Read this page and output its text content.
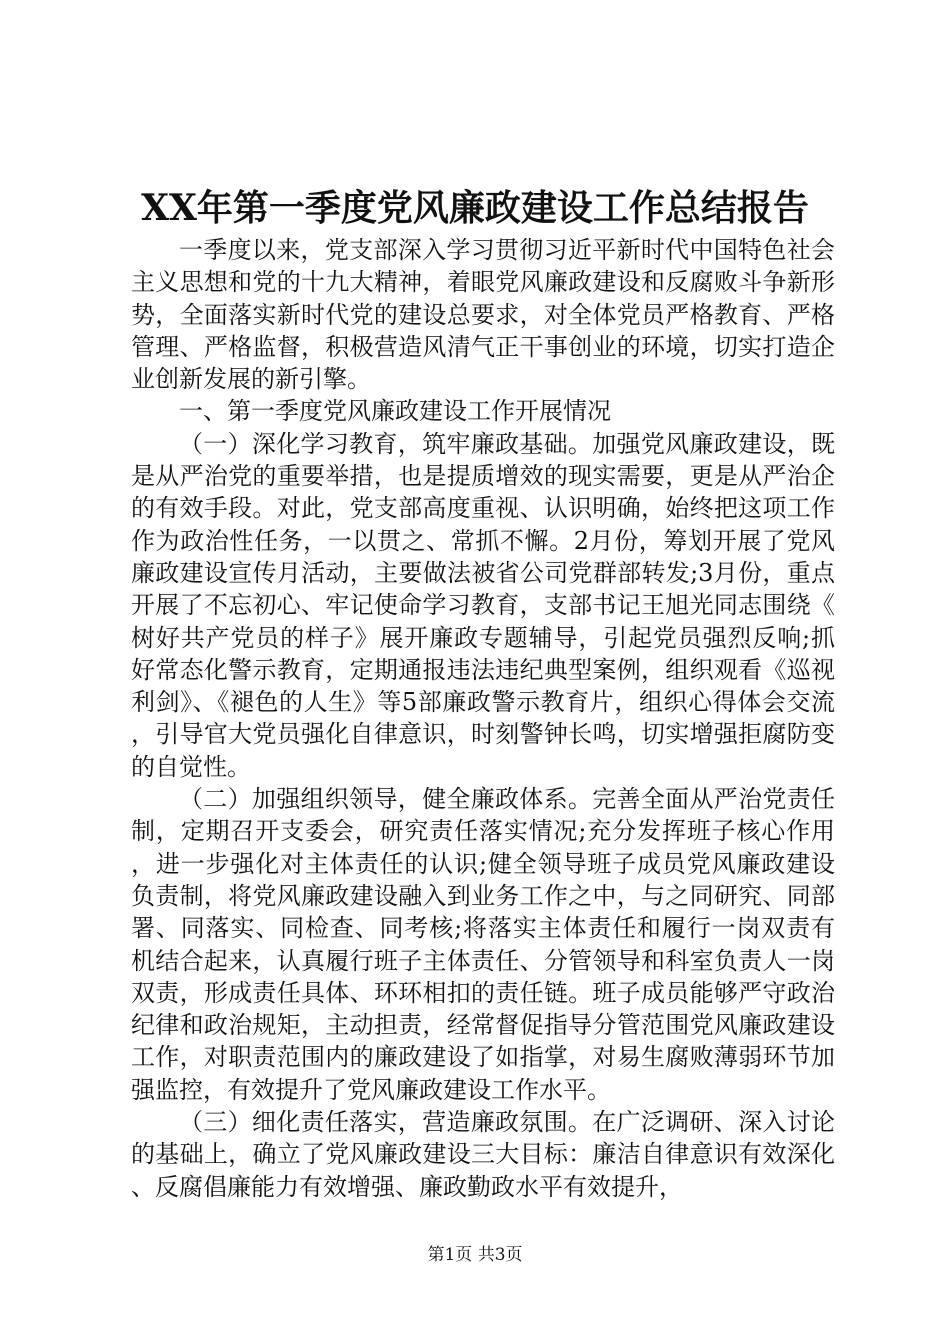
XX年第一季度党风廉政建设工作总结报告

一季度以来，党支部深入学习贯彻习近平新时代中国特色社会主义思想和党的十九大精神，着眼党风廉政建设和反腐败斗争新形势，全面落实新时代党的建设总要求，对全体党员严格教育、严格管理、严格监督，积极营造风清气正干事创业的环境，切实打造企业创新发展的新引擎。

一、第一季度党风廉政建设工作开展情况

（一）深化学习教育，筑牢廉政基础。加强党风廉政建设，既是从严治党的重要举措，也是提质增效的现实需要，更是从严治企的有效手段。对此，党支部高度重视、认识明确，始终把这项工作作为政治性任务，一以贯之、常抓不懈。2月份，筹划开展了党风廉政建设宣传月活动，主要做法被省公司党群部转发;3月份，重点开展了不忘初心、牢记使命学习教育，支部书记王旭光同志围绕《树好共产党员的样子》展开廉政专题辅导，引起党员强烈反响;抓好常态化警示教育，定期通报违法违纪典型案例，组织观看《巡视利剑》、《褪色的人生》等5部廉政警示教育片，组织心得体会交流，引导官大党员强化自律意识，时刻警钟长鸣，切实增强拒腐防变的自觉性。

（二）加强组织领导，健全廉政体系。完善全面从严治党责任制，定期召开支委会，研究责任落实情况;充分发挥班子核心作用，进一步强化对主体责任的认识;健全领导班子成员党风廉政建设负责制，将党风廉政建设融入到业务工作之中，与之同研究、同部署、同落实、同检查、同考核;将落实主体责任和履行一岗双责有机结合起来，认真履行班子主体责任、分管领导和科室负责人一岗双责，形成责任具体、环环相扣的责任链。班子成员能够严守政治纪律和政治规矩，主动担责，经常督促指导分管范围党风廉政建设工作，对职责范围内的廉政建设了如指掌，对易生腐败薄弱环节加强监控，有效提升了党风廉政建设工作水平。

（三）细化责任落实，营造廉政氛围。在广泛调研、深入讨论的基础上，确立了党风廉政建设三大目标：廉洁自律意识有效深化、反腐倡廉能力有效增强、廉政勤政水平有效提升，

第1页 共3页
